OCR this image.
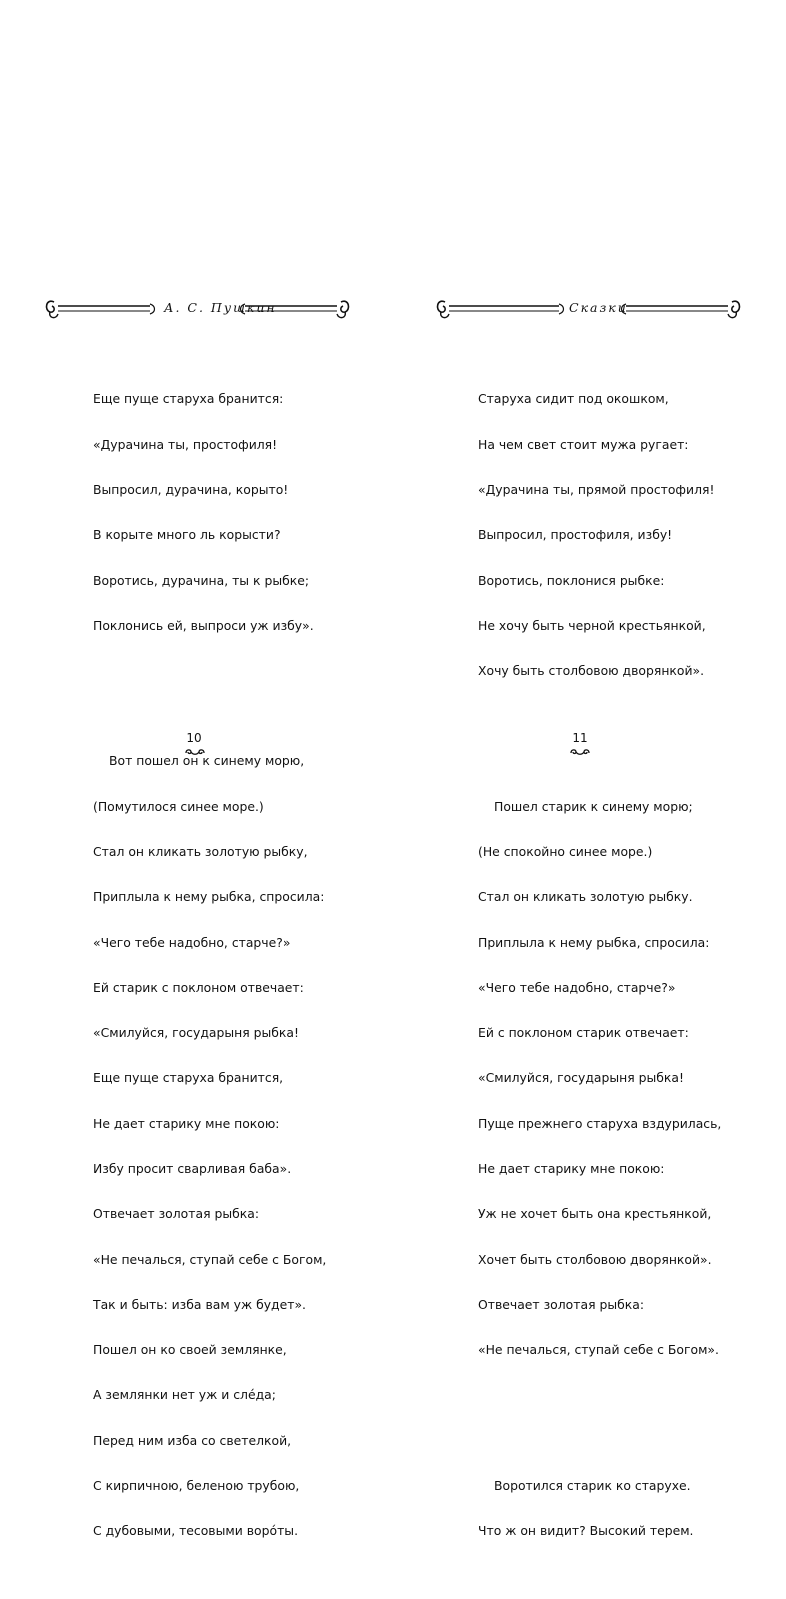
А. С. Пушкин

Еще пуще старуха бранится:

«Дурачина ты, простофиля!

Выпросил, дурачина, корыто!

В корыте много ль корысти?

Воротись, дурачина, ты к рыбке;

Поклонись ей, выпроси уж избу».

Вот пошел он к синему морю,

(Помутилося синее море.)

Стал он кликать золотую рыбку,

Приплыла к нему рыбка, спросила:

«Чего тебе надобно, старче?»

Ей старик с поклоном отвечает:

«Смилуйся, государыня рыбка!

Еще пуще старуха бранится,

Не дает старику мне покою:

Избу просит сварливая баба».

Отвечает золотая рыбка:

«Не печалься, ступай себе с Богом,

Так и быть: изба вам уж будет».

Пошел он ко своей землянке,

А землянки нет уж и слéда;

Перед ним изба со светелкой,

С кирпичною, беленою трубою,

С дубовыми, тесовыми ворóты.

10
Сказки

Старуха сидит под окошком,

На чем свет стоит мужа ругает:

«Дурачина ты, прямой простофиля!

Выпросил, простофиля, избу!

Воротись, поклонися рыбке:

Не хочу быть черной крестьянкой,

Хочу быть столбовою дворянкой».

Пошел старик к синему морю;

(Не спокойно синее море.)

Стал он кликать золотую рыбку.

Приплыла к нему рыбка, спросила:

«Чего тебе надобно, старче?»

Ей с поклоном старик отвечает:

«Смилуйся, государыня рыбка!

Пуще прежнего старуха вздурилась,

Не дает старику мне покою:

Уж не хочет быть она крестьянкой,

Хочет быть столбовою дворянкой».

Отвечает золотая рыбка:

«Не печалься, ступай себе с Богом».

Воротился старик ко старухе.

Что ж он видит? Высокий терем.

11
